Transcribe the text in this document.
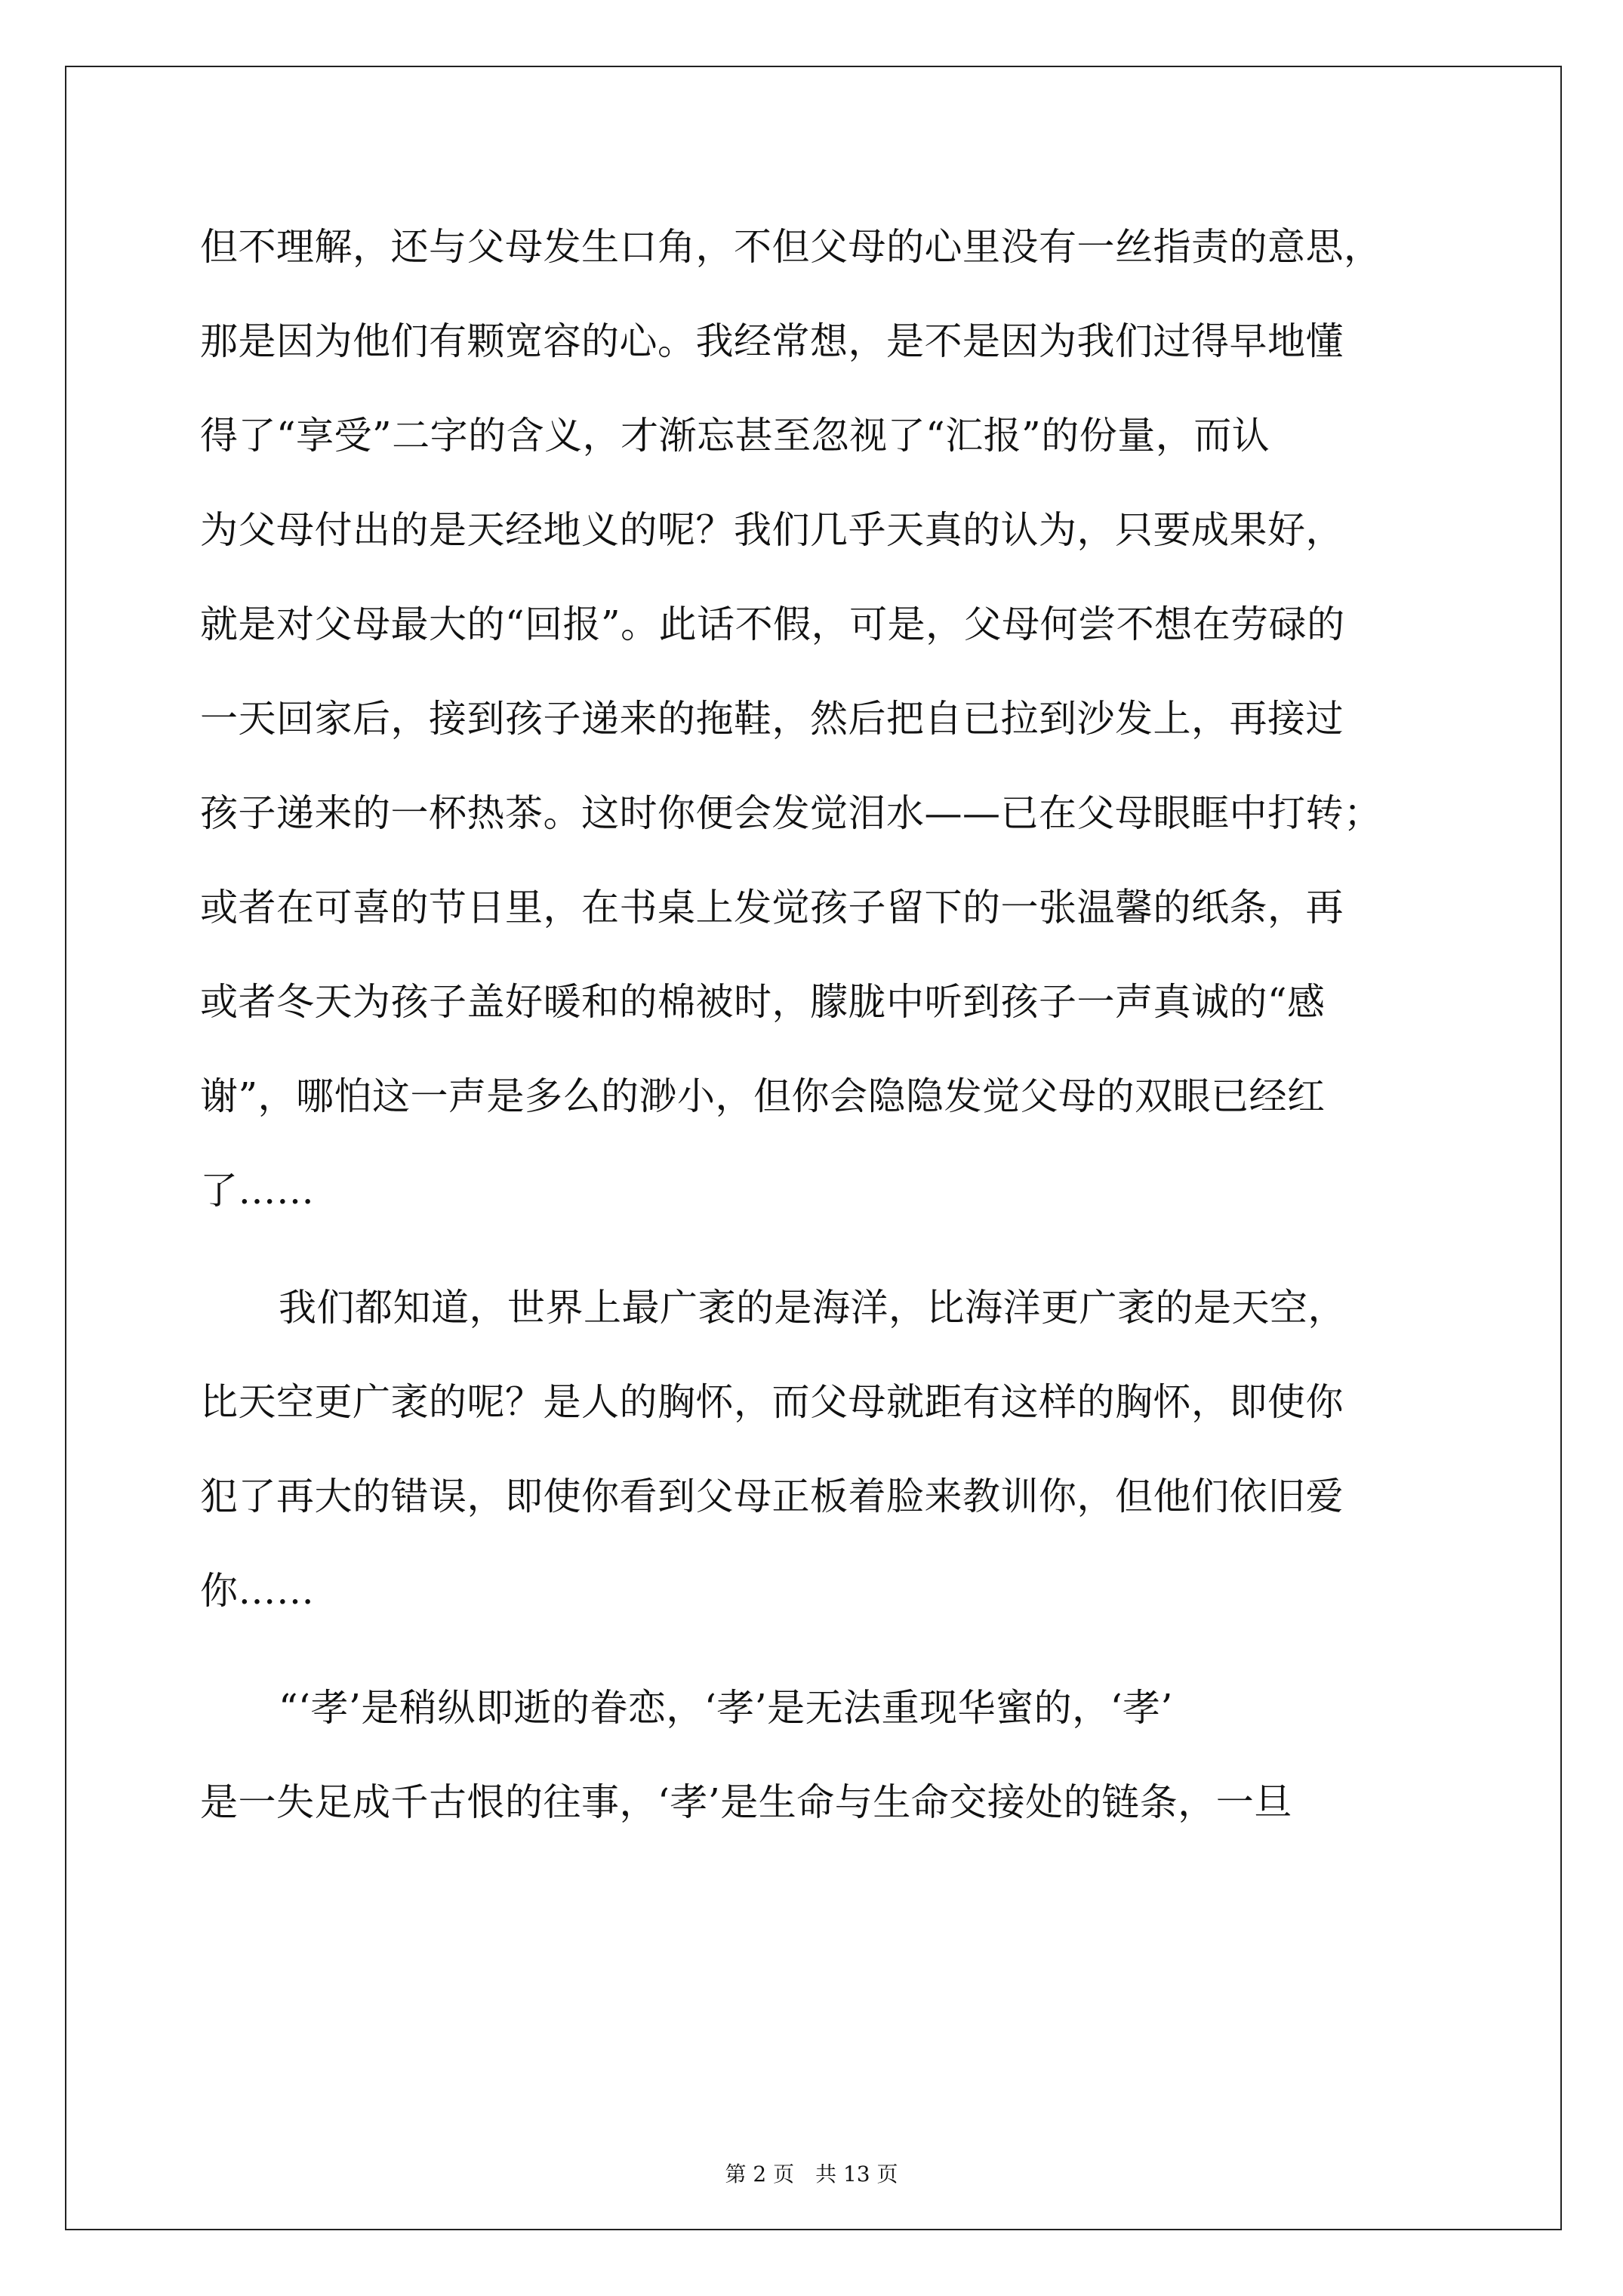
但不理解，还与父母发生口角，不但父母的心里没有一丝指责的意思，
那是因为他们有颗宽容的心。我经常想，是不是因为我们过得早地懂
得了“享受”二字的含义，才渐忘甚至忽视了“汇报”的份量，而认
为父母付出的是天经地义的呢？我们几乎天真的认为，只要成果好，
就是对父母最大的“回报”。此话不假，可是，父母何尝不想在劳碌的
一天回家后，接到孩子递来的拖鞋，然后把自已拉到沙发上，再接过
孩子递来的一杯热茶。这时你便会发觉泪水——已在父母眼眶中打转；
或者在可喜的节日里，在书桌上发觉孩子留下的一张温馨的纸条，再
或者冬天为孩子盖好暖和的棉被时，朦胧中听到孩子一声真诚的“感
谢”，哪怕这一声是多么的渺小，但你会隐隐发觉父母的双眼已经红
了……
我们都知道，世界上最广袤的是海洋，比海洋更广袤的是天空，
比天空更广袤的呢？是人的胸怀，而父母就距有这样的胸怀，即使你
犯了再大的错误，即使你看到父母正板着脸来教训你，但他们依旧爱
你……
“‘孝’是稍纵即逝的眷恋，‘孝’是无法重现华蜜的，‘孝’
是一失足成千古恨的往事，‘孝’是生命与生命交接处的链条，一旦
第 2 页　共 13 页
